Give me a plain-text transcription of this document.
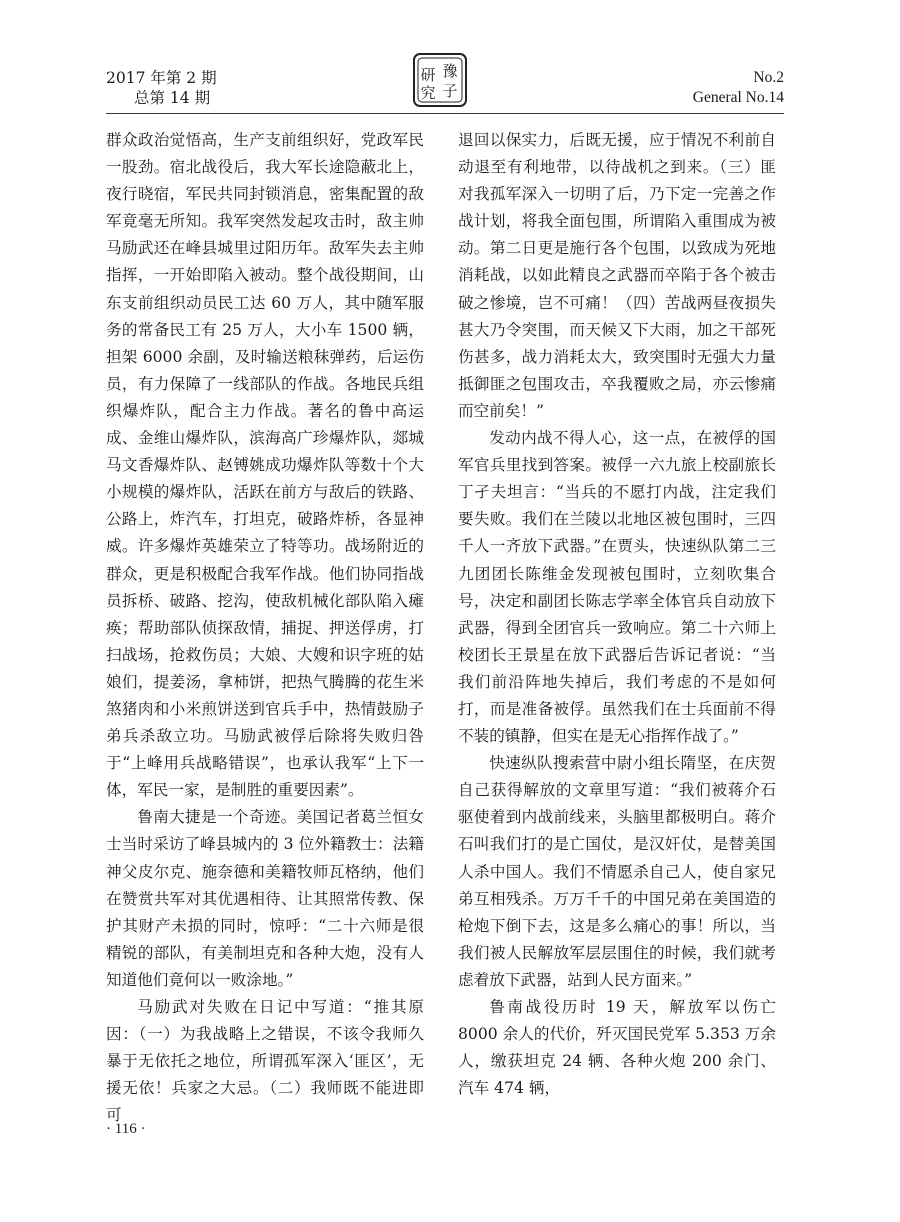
2017 年第 2 期
总第 14 期
研
究
豫
子
No.2
General No.14

群众政治觉悟高，生产支前组织好，党政军民一股劲。宿北战役后，我大军长途隐蔽北上，夜行晓宿，军民共同封锁消息，密集配置的敌军竟毫无所知。我军突然发起攻击时，敌主帅马励武还在峰县城里过阳历年。敌军失去主帅指挥，一开始即陷入被动。整个战役期间，山东支前组织动员民工达 60 万人，其中随军服务的常备民工有 25 万人，大小车 1500 辆，担架 6000 余副，及时输送粮秣弹药，后运伤员，有力保障了一线部队的作战。各地民兵组织爆炸队，配合主力作战。著名的鲁中高运成、金维山爆炸队，滨海高广珍爆炸队，郯城马文香爆炸队、赵镈姚成功爆炸队等数十个大小规模的爆炸队，活跃在前方与敌后的铁路、公路上，炸汽车，打坦克，破路炸桥，各显神威。许多爆炸英雄荣立了特等功。战场附近的群众，更是积极配合我军作战。他们协同指战员拆桥、破路、挖沟，使敌机械化部队陷入瘫痪；帮助部队侦探敌情，捕捉、押送俘虏，打扫战场，抢救伤员；大娘、大嫂和识字班的姑娘们，提姜汤，拿柿饼，把热气腾腾的花生米煞猪肉和小米煎饼送到官兵手中，热情鼓励子弟兵杀敌立功。马励武被俘后除将失败归咎于“上峰用兵战略错误”，也承认我军“上下一体，军民一家，是制胜的重要因素”。

鲁南大捷是一个奇迹。美国记者葛兰恒女士当时采访了峰县城内的 3 位外籍教士：法籍神父皮尔克、施奈德和美籍牧师瓦格纳，他们在赞赏共军对其优遇相待、让其照常传教、保护其财产未损的同时，惊呼：“二十六师是很精锐的部队，有美制坦克和各种大炮，没有人知道他们竟何以一败涂地。”

马励武对失败在日记中写道：“推其原因：（一）为我战略上之错误，不该令我师久暴于无依托之地位，所谓孤军深入‘匪区’，无援无依！兵家之大忌。（二）我师既不能进即可

退回以保实力，后既无援，应于情况不利前自动退至有利地带，以待战机之到来。（三）匪对我孤军深入一切明了后，乃下定一完善之作战计划，将我全面包围，所谓陷入重围成为被动。第二日更是施行各个包围，以致成为死地消耗战，以如此精良之武器而卒陷于各个被击破之惨境，岂不可痛！（四）苦战两昼夜损失甚大乃令突围，而天候又下大雨，加之干部死伤甚多，战力消耗太大，致突围时无强大力量抵御匪之包围攻击，卒我覆败之局，亦云惨痛而空前矣！”

发动内战不得人心，这一点，在被俘的国军官兵里找到答案。被俘一六九旅上校副旅长丁孑夫坦言：“当兵的不愿打内战，注定我们要失败。我们在兰陵以北地区被包围时，三四千人一齐放下武器。”在贾头，快速纵队第二三九团团长陈维金发现被包围时，立刻吹集合号，决定和副团长陈志学率全体官兵自动放下武器，得到全团官兵一致响应。第二十六师上校团长王景星在放下武器后告诉记者说：“当我们前沿阵地失掉后，我们考虑的不是如何打，而是准备被俘。虽然我们在士兵面前不得不装的镇静，但实在是无心指挥作战了。”

快速纵队搜索营中尉小组长隋坚，在庆贺自己获得解放的文章里写道：“我们被蒋介石驱使着到内战前线来，头脑里都极明白。蒋介石叫我们打的是亡国仗，是汉奸仗，是替美国人杀中国人。我们不情愿杀自己人，使自家兄弟互相残杀。万万千千的中国兄弟在美国造的枪炮下倒下去，这是多么痛心的事！所以，当我们被人民解放军层层围住的时候，我们就考虑着放下武器，站到人民方面来。”

鲁南战役历时 19 天，解放军以伤亡 8000 余人的代价，歼灭国民党军 5.353 万余人，缴获坦克 24 辆、各种火炮 200 余门、汽车 474 辆，

· 116 ·
